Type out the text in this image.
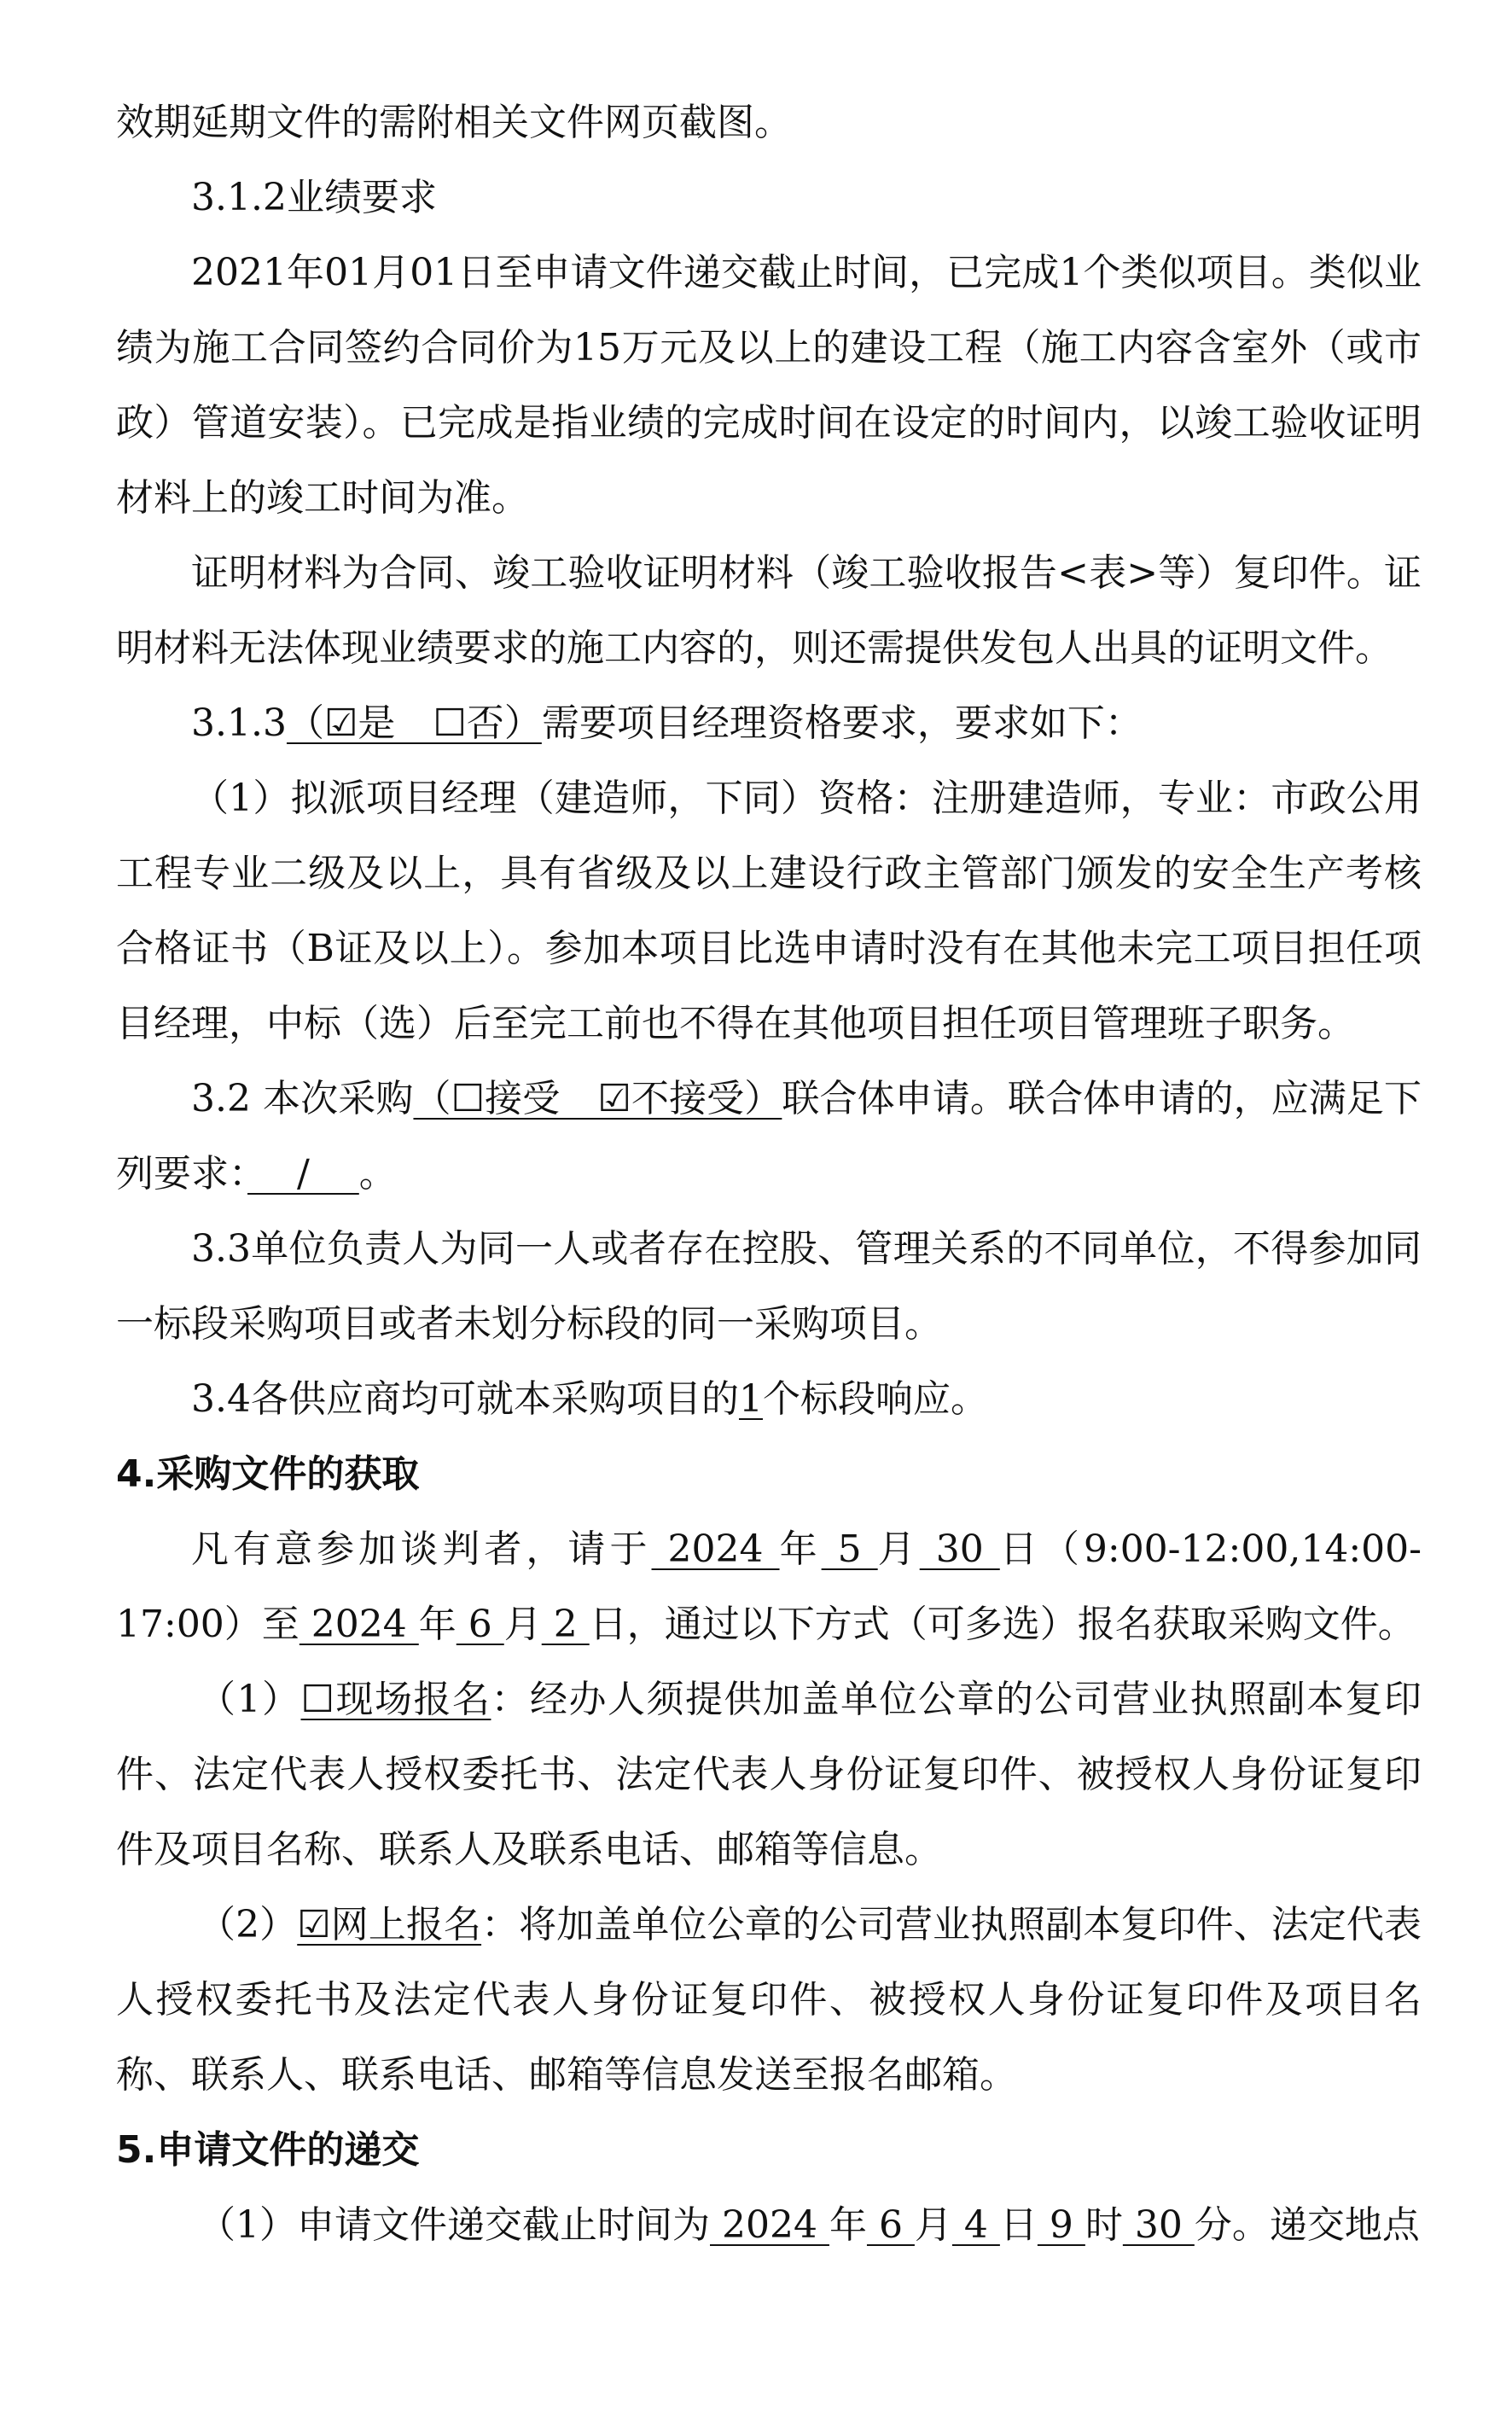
效期延期文件的需附相关文件网页截图。

3.1.2业绩要求

2021年01月01日至申请文件递交截止时间，已完成1个类似项目。类似业绩为施工合同签约合同价为15万元及以上的建设工程（施工内容含室外（或市政）管道安装）。已完成是指业绩的完成时间在设定的时间内，以竣工验收证明材料上的竣工时间为准。

证明材料为合同、竣工验收证明材料（竣工验收报告<表>等）复印件。证明材料无法体现业绩要求的施工内容的，则还需提供发包人出具的证明文件。

3.1.3（☑是　☐否）需要项目经理资格要求，要求如下：

（1）拟派项目经理（建造师，下同）资格：注册建造师，专业：市政公用工程专业二级及以上，具有省级及以上建设行政主管部门颁发的安全生产考核合格证书（B证及以上）。参加本项目比选申请时没有在其他未完工项目担任项目经理，中标（选）后至完工前也不得在其他项目担任项目管理班子职务。

3.2 本次采购（☐接受　☑不接受）联合体申请。联合体申请的，应满足下列要求：　 /　 。

3.3单位负责人为同一人或者存在控股、管理关系的不同单位，不得参加同一标段采购项目或者未划分标段的同一采购项目。

3.4各供应商均可就本采购项目的1个标段响应。

4.采购文件的获取

凡有意参加谈判者，请于 2024 年 5 月 30 日（9:00-12:00,14:00-17:00）至 2024 年 6 月 2 日，通过以下方式（可多选）报名获取采购文件。

（1）☐现场报名：经办人须提供加盖单位公章的公司营业执照副本复印件、法定代表人授权委托书、法定代表人身份证复印件、被授权人身份证复印件及项目名称、联系人及联系电话、邮箱等信息。

（2）☑网上报名：将加盖单位公章的公司营业执照副本复印件、法定代表人授权委托书及法定代表人身份证复印件、被授权人身份证复印件及项目名称、联系人、联系电话、邮箱等信息发送至报名邮箱。

5.申请文件的递交

（1）申请文件递交截止时间为 2024 年 6 月 4 日 9 时 30 分。递交地点
